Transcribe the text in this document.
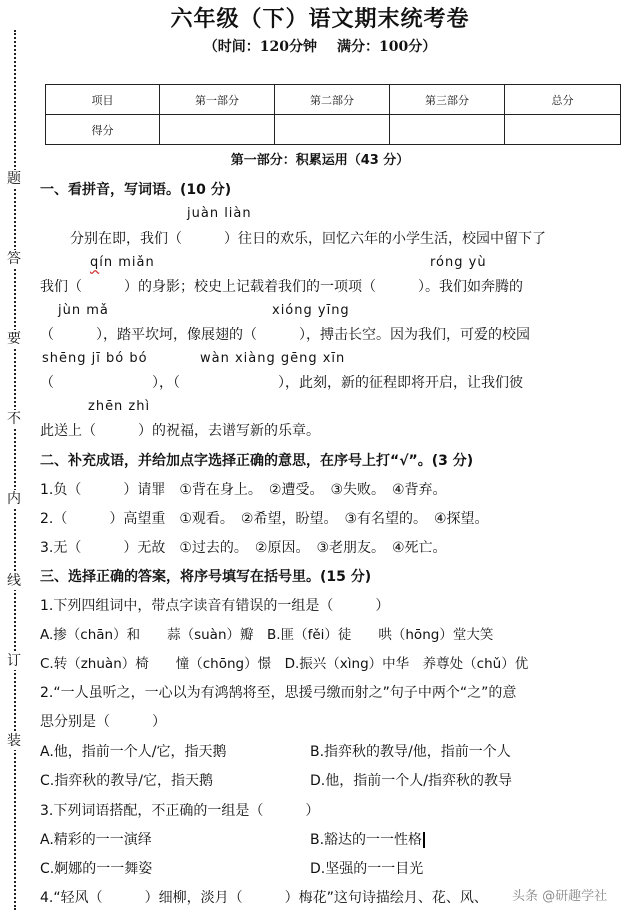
题
答
要
不
内
线
订
装
六年级（下）语文期末统考卷
（时间：120分钟 满分：100分）
项目	第一部分	第二部分	第三部分	总分
得分				
第一部分：积累运用（43 分）
一、看拼音，写词语。(10 分)
juàn liàn
分别在即，我们（　　　）往日的欢乐，回忆六年的小学生活，校园中留下了
qín miǎn	róng yù
我们（　　　）的身影；校史上记载着我们的一项项（　　　）。我们如奔腾的
jùn mǎ	xióng yīng
（　　　），踏平坎坷，像展翅的（　　　），搏击长空。因为我们，可爱的校园
shēng jī bó bó	wàn xiàng gēng xīn
（　　　　　　　），（　　　　　　　），此刻，新的征程即将开启，让我们彼
zhēn zhì
此送上（　　　）的祝福，去谱写新的乐章。
二、补充成语，并给加点字选择正确的意思，在序号上打“√”。(3 分)
1.负（　　　）请罪　①背在身上。　②遭受。　③失败。　④背弃。
2.（　　　）高望重　①观看。　②希望，盼望。　③有名望的。　④探望。
3.无（　　　）无故　①过去的。　②原因。　③老朋友。　④死亡。
三、选择正确的答案，将序号填写在括号里。(15 分)
1.下列四组词中，带点字读音有错误的一组是（　　　）
A.掺（chān）和　　蒜（suàn）瓣　B.匪（fěi）徒　　哄（hōng）堂大笑
C.转（zhuàn）椅　　憧（chōng）憬　D.振兴（xìng）中华　养尊处（chǔ）优
2.“一人虽听之，一心以为有鸿鹄将至，思援弓缴而射之”句子中两个“之”的意
思分别是（　　　）
A.他，指前一个人/它，指天鹅	B.指弈秋的教导/他，指前一个人
C.指弈秋的教导/它，指天鹅	D.他，指前一个人/指弈秋的教导
3.下列词语搭配，不正确的一组是（　　　）
A.精彩的一一演绎	B.豁达的一一性格
C.婀娜的一一舞姿	D.坚强的一一目光
4.“轻风（　　　）细柳，淡月（　　　）梅花”这句诗描绘月、花、风、 头条 @研趣学社
